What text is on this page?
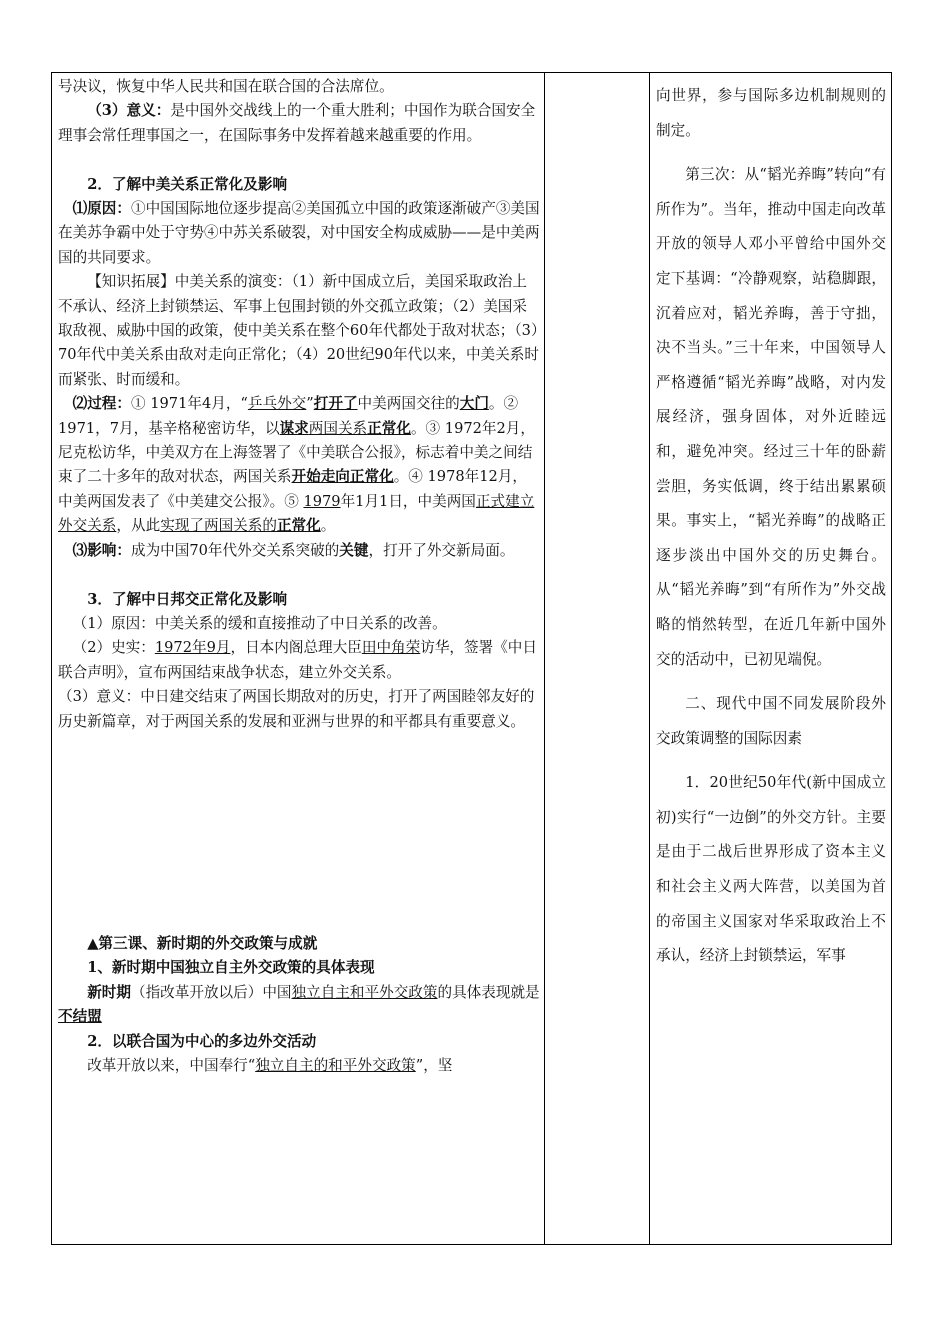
号决议，恢复中华人民共和国在联合国的合法席位。

（3）意义：是中国外交战线上的一个重大胜利；中国作为联合国安全理事会常任理事国之一，在国际事务中发挥着越来越重要的作用。

2．了解中美关系正常化及影响

⑴原因：①中国国际地位逐步提高②美国孤立中国的政策逐渐破产③美国在美苏争霸中处于守势④中苏关系破裂，对中国安全构成威胁——是中美两国的共同要求。

【知识拓展】中美关系的演变：（1）新中国成立后，美国采取政治上不承认、经济上封锁禁运、军事上包围封锁的外交孤立政策；（2）美国采取敌视、威胁中国的政策，使中美关系在整个60年代都处于敌对状态；（3）70年代中美关系由敌对走向正常化；（4）20世纪90年代以来，中美关系时而紧张、时而缓和。

⑵过程：① 1971年4月，“乒乓外交”打开了中美两国交往的大门。② 1971，7月，基辛格秘密访华，以谋求两国关系正常化。③ 1972年2月，尼克松访华，中美双方在上海签署了《中美联合公报》，标志着中美之间结束了二十多年的敌对状态，两国关系开始走向正常化。④ 1978年12月，中美两国发表了《中美建交公报》。⑤ 1979年1月1日，中美两国正式建立外交关系，从此实现了两国关系的正常化。

⑶影响：成为中国70年代外交关系突破的关键，打开了外交新局面。

3．了解中日邦交正常化及影响

（1）原因：中美关系的缓和直接推动了中日关系的改善。

（2）史实：1972年9月，日本内阁总理大臣田中角荣访华，签署《中日联合声明》，宣布两国结束战争状态，建立外交关系。

（3）意义：中日建交结束了两国长期敌对的历史，打开了两国睦邻友好的历史新篇章，对于两国关系的发展和亚洲与世界的和平都具有重要意义。

▲第三课、新时期的外交政策与成就

1、新时期中国独立自主外交政策的具体表现

新时期（指改革开放以后）中国独立自主和平外交政策的具体表现就是不结盟

2．以联合国为中心的多边外交活动

改革开放以来，中国奉行“独立自主的和平外交政策”，坚

向世界，参与国际多边机制规则的制定。

第三次：从“韬光养晦”转向“有所作为”。当年，推动中国走向改革开放的领导人邓小平曾给中国外交定下基调：“冷静观察，站稳脚跟，沉着应对，韬光养晦，善于守拙，决不当头。”三十年来，中国领导人严格遵循“韬光养晦”战略，对内发展经济，强身固体，对外近睦远和，避免冲突。经过三十年的卧薪尝胆，务实低调，终于结出累累硕果。事实上，“韬光养晦”的战略正逐步淡出中国外交的历史舞台。从“韬光养晦”到“有所作为”外交战略的悄然转型，在近几年新中国外交的活动中，已初见端倪。

二、现代中国不同发展阶段外交政策调整的国际因素

1．20世纪50年代(新中国成立初)实行“一边倒”的外交方针。主要是由于二战后世界形成了资本主义和社会主义两大阵营，以美国为首的帝国主义国家对华采取政治上不承认，经济上封锁禁运，军事
